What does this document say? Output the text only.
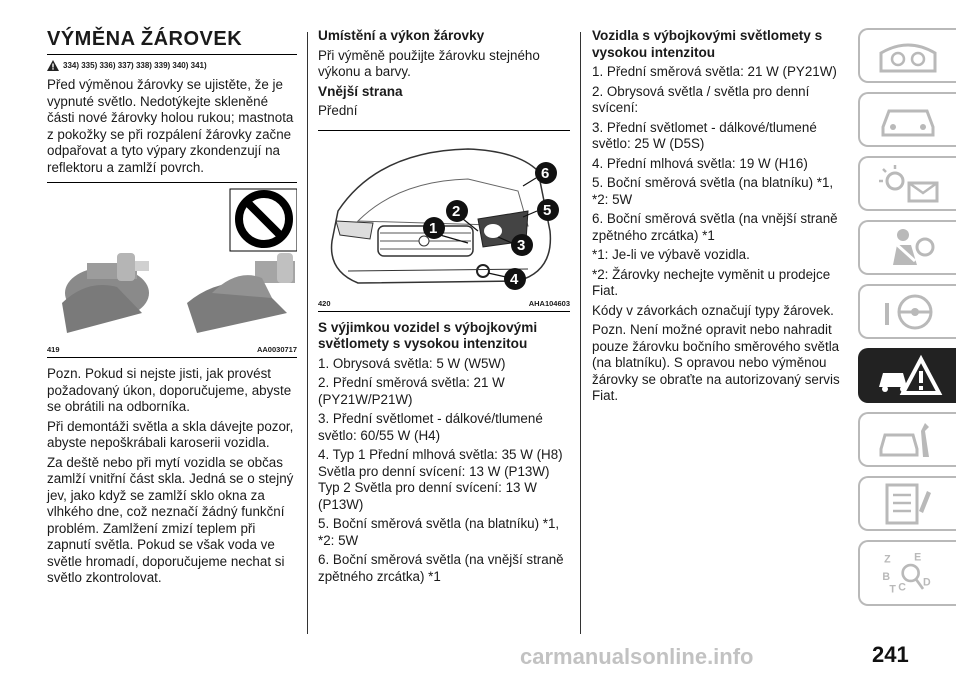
VÝMĚNA ŽÁROVEK
334) 335) 336) 337) 338) 339) 340) 341)

Před výměnou žárovky se ujistěte, že je vypnuté světlo. Nedotýkejte skleněné části nové žárovky holou rukou; mastnota z pokožky se při rozpálení žárovky začne odpařovat a tyto výpary zkondenzují na reflektoru a zamlží povrch.

419	AA0030717

Pozn. Pokud si nejste jisti, jak provést požadovaný úkon, doporučujeme, abyste se obrátili na odborníka.

Při demontáži světla a skla dávejte pozor, abyste nepoškrábali karoserii vozidla.

Za deště nebo při mytí vozidla se občas zamlží vnitřní část skla. Jedná se o stejný jev, jako když se zamlží sklo okna za vlhkého dne, což neznačí žádný funkční problém. Zamlžení zmizí teplem při zapnutí světla. Pokud se však voda ve světle hromadí, doporučujeme nechat si světlo zkontrolovat.

Umístění a výkon žárovky

Při výměně použijte žárovku stejného výkonu a barvy.

Vnější strana

Přední

1
2
3
4
5
6
420	AHA104603
S výjimkou vozidel s výbojkovými světlomety s vysokou intenzitou

1. Obrysová světla: 5 W (W5W)

2. Přední směrová světla: 21 W (PY21W/P21W)

3. Přední světlomet - dálkové/tlumené světlo: 60/55 W (H4)

4. Typ 1 Přední mlhová světla: 35 W (H8) Světla pro denní svícení: 13 W (P13W) Typ 2 Světla pro denní svícení: 13 W (P13W)

5. Boční směrová světla (na blatníku) *1, *2: 5W

6. Boční směrová světla (na vnější straně zpětného zrcátka) *1

Vozidla s výbojkovými světlomety s vysokou intenzitou

1. Přední směrová světla: 21 W (PY21W)

2. Obrysová světla / světla pro denní svícení:

3. Přední světlomet - dálkové/tlumené světlo: 25 W (D5S)

4. Přední mlhová světla: 19 W (H16)

5. Boční směrová světla (na blatníku) *1, *2: 5W

6. Boční směrová světla (na vnější straně zpětného zrcátka) *1

*1: Je-li ve výbavě vozidla.

*2: Žárovky nechejte vyměnit u prodejce Fiat.

Kódy v závorkách označují typy žárovek.

Pozn. Není možné opravit nebo nahradit pouze žárovku bočního směrového světla (na blatníku). S opravou nebo výměnou žárovky se obraťte na autorizovaný servis Fiat.

Z E
B
C
T
D
carmanualsonline.info	241
